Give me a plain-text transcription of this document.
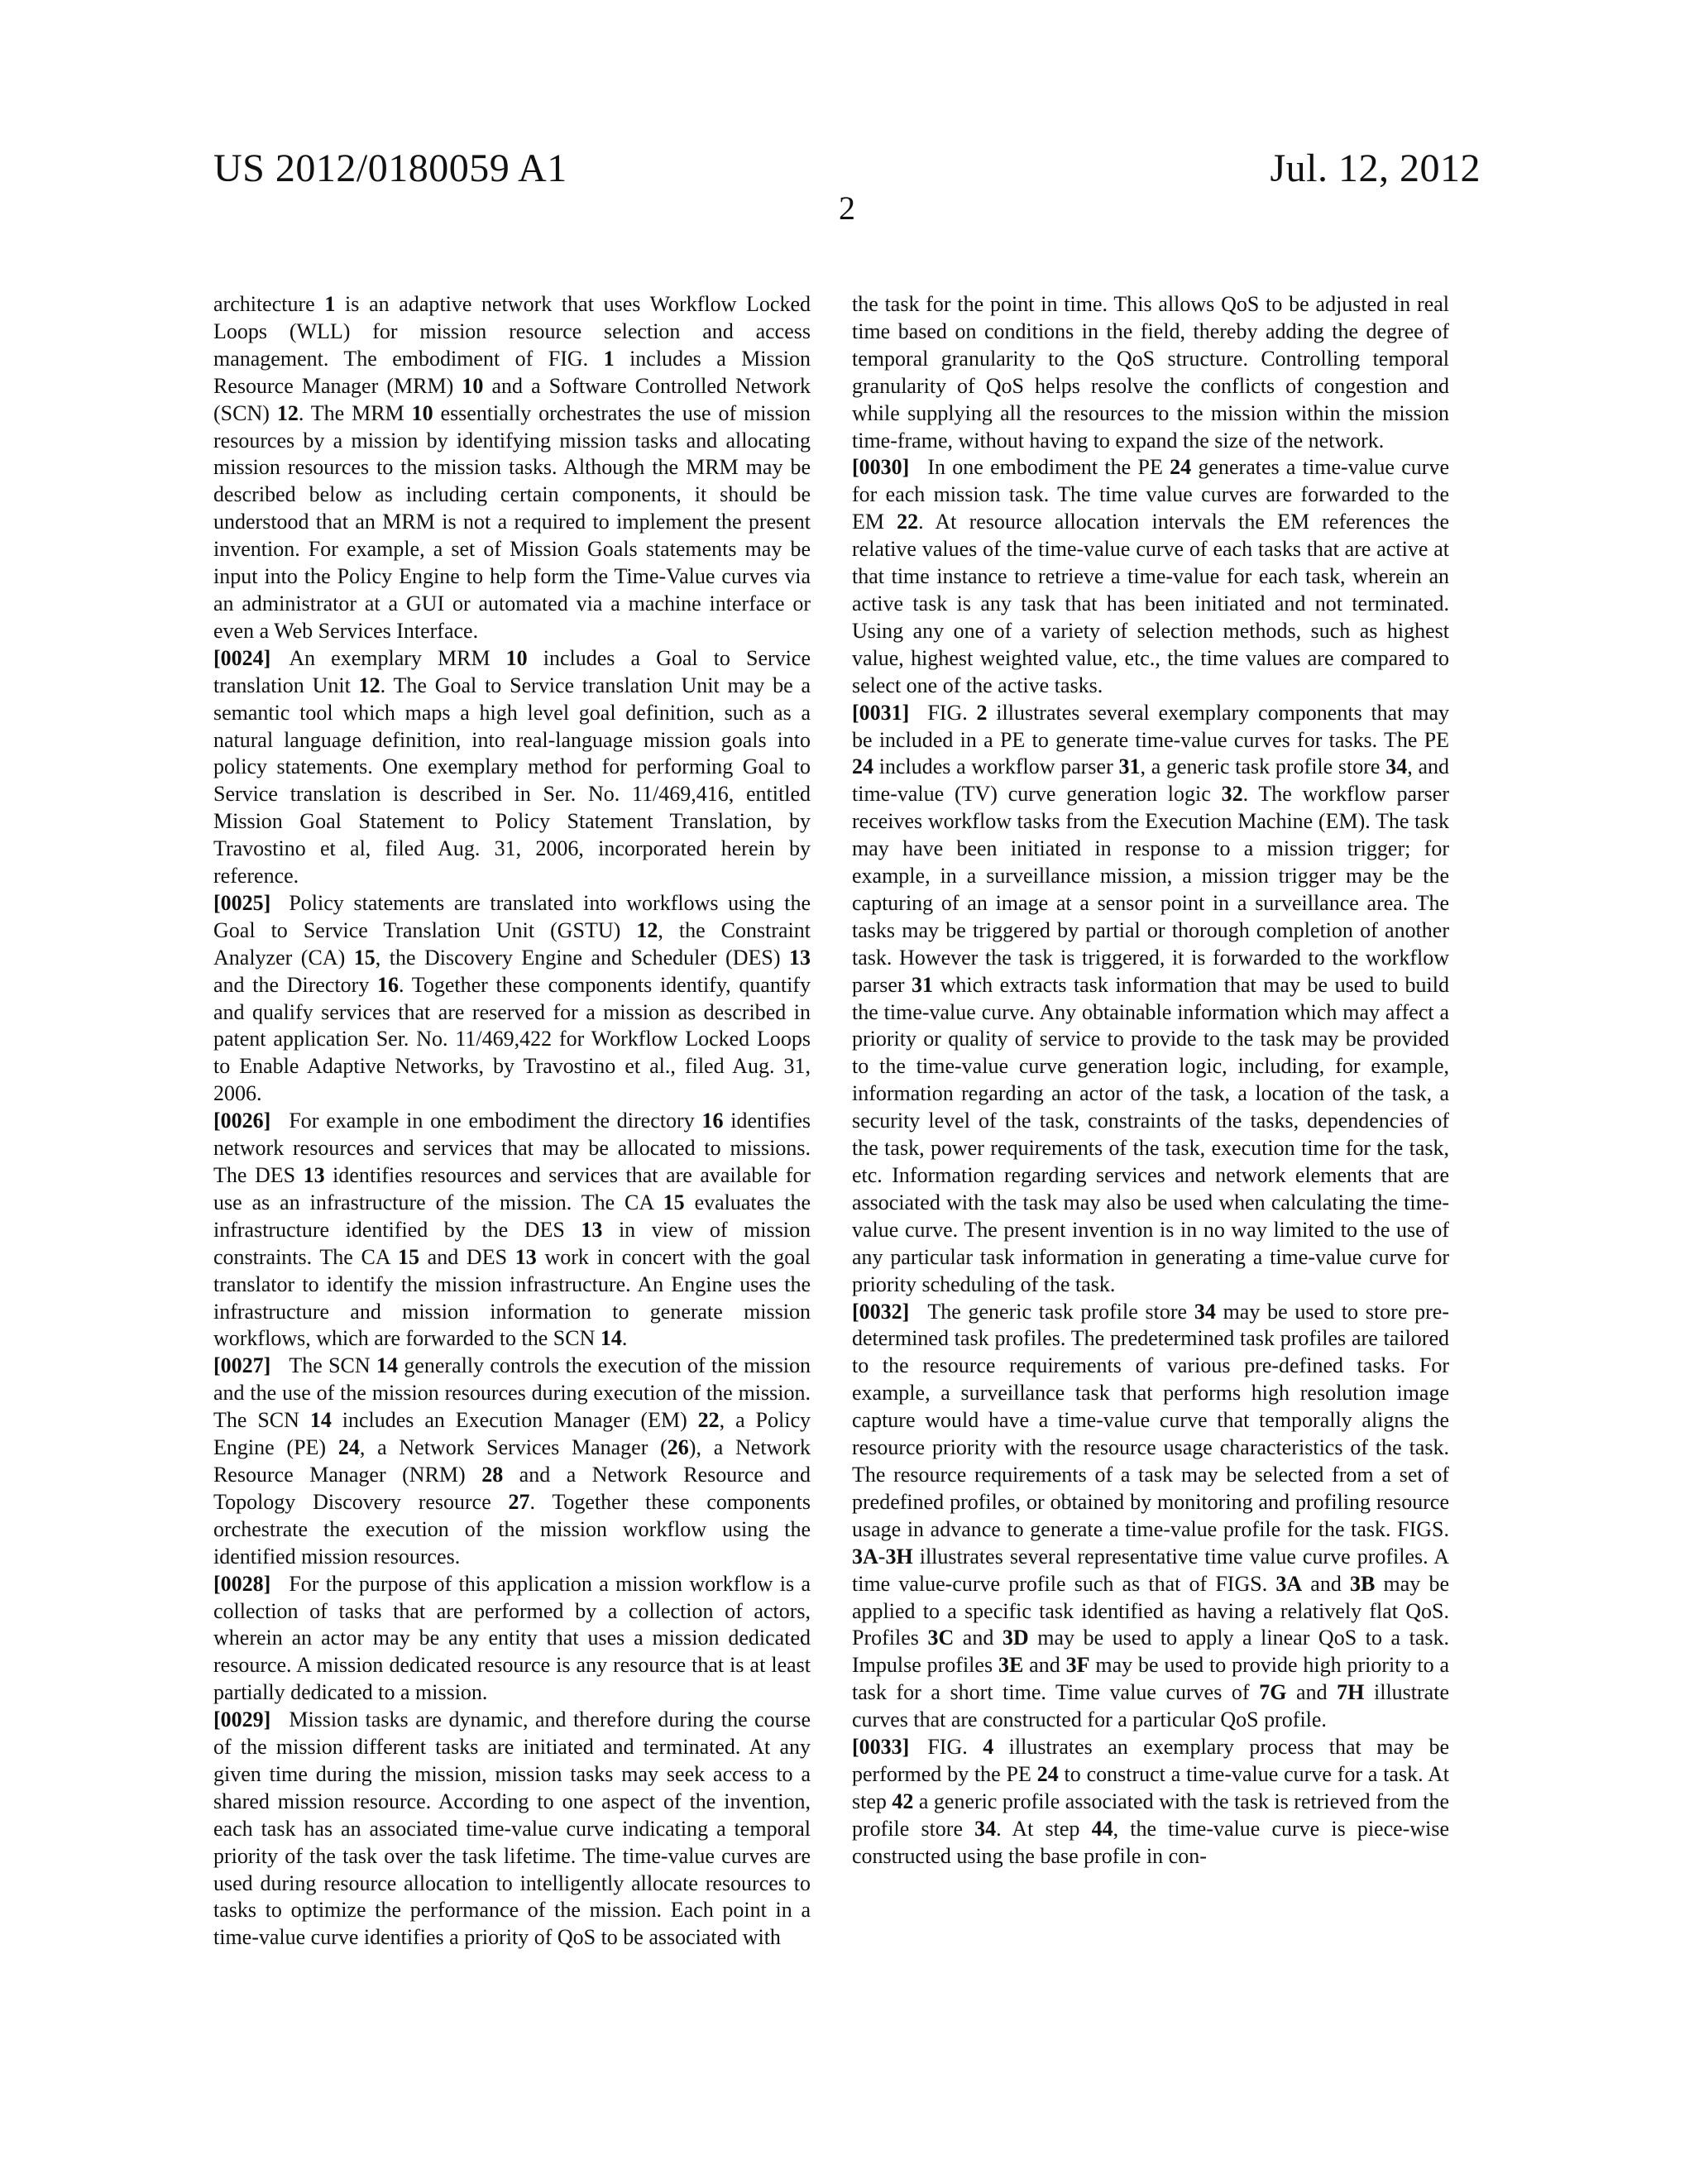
US 2012/0180059 A1
2
Jul. 12, 2012

architecture 1 is an adaptive network that uses Workflow Locked Loops (WLL) for mission resource selection and access management. The embodiment of FIG. 1 includes a Mission Resource Manager (MRM) 10 and a Software Controlled Network (SCN) 12. The MRM 10 essentially orchestrates the use of mission resources by a mission by identifying mission tasks and allocating mission resources to the mission tasks. Although the MRM may be described below as including certain components, it should be understood that an MRM is not a required to implement the present invention. For example, a set of Mission Goals statements may be input into the Policy Engine to help form the Time-Value curves via an administrator at a GUI or automated via a machine interface or even a Web Services Interface.

[0024] An exemplary MRM 10 includes a Goal to Service translation Unit 12. The Goal to Service translation Unit may be a semantic tool which maps a high level goal definition, such as a natural language definition, into real-language mission goals into policy statements. One exemplary method for performing Goal to Service translation is described in Ser. No. 11/469,416, entitled Mission Goal Statement to Policy Statement Translation, by Travostino et al, filed Aug. 31, 2006, incorporated herein by reference.

[0025] Policy statements are translated into workflows using the Goal to Service Translation Unit (GSTU) 12, the Constraint Analyzer (CA) 15, the Discovery Engine and Scheduler (DES) 13 and the Directory 16. Together these components identify, quantify and qualify services that are reserved for a mission as described in patent application Ser. No. 11/469,422 for Workflow Locked Loops to Enable Adaptive Networks, by Travostino et al., filed Aug. 31, 2006.

[0026] For example in one embodiment the directory 16 identifies network resources and services that may be allocated to missions. The DES 13 identifies resources and services that are available for use as an infrastructure of the mission. The CA 15 evaluates the infrastructure identified by the DES 13 in view of mission constraints. The CA 15 and DES 13 work in concert with the goal translator to identify the mission infrastructure. An Engine uses the infrastructure and mission information to generate mission workflows, which are forwarded to the SCN 14.

[0027] The SCN 14 generally controls the execution of the mission and the use of the mission resources during execution of the mission. The SCN 14 includes an Execution Manager (EM) 22, a Policy Engine (PE) 24, a Network Services Manager (26), a Network Resource Manager (NRM) 28 and a Network Resource and Topology Discovery resource 27. Together these components orchestrate the execution of the mission workflow using the identified mission resources.

[0028] For the purpose of this application a mission workflow is a collection of tasks that are performed by a collection of actors, wherein an actor may be any entity that uses a mission dedicated resource. A mission dedicated resource is any resource that is at least partially dedicated to a mission.

[0029] Mission tasks are dynamic, and therefore during the course of the mission different tasks are initiated and terminated. At any given time during the mission, mission tasks may seek access to a shared mission resource. According to one aspect of the invention, each task has an associated time-value curve indicating a temporal priority of the task over the task lifetime. The time-value curves are used during resource allocation to intelligently allocate resources to tasks to optimize the performance of the mission. Each point in a time-value curve identifies a priority of QoS to be associated with

the task for the point in time. This allows QoS to be adjusted in real time based on conditions in the field, thereby adding the degree of temporal granularity to the QoS structure. Controlling temporal granularity of QoS helps resolve the conflicts of congestion and while supplying all the resources to the mission within the mission time-frame, without having to expand the size of the network.

[0030] In one embodiment the PE 24 generates a time-value curve for each mission task. The time value curves are forwarded to the EM 22. At resource allocation intervals the EM references the relative values of the time-value curve of each tasks that are active at that time instance to retrieve a time-value for each task, wherein an active task is any task that has been initiated and not terminated. Using any one of a variety of selection methods, such as highest value, highest weighted value, etc., the time values are compared to select one of the active tasks.

[0031] FIG. 2 illustrates several exemplary components that may be included in a PE to generate time-value curves for tasks. The PE 24 includes a workflow parser 31, a generic task profile store 34, and time-value (TV) curve generation logic 32. The workflow parser receives workflow tasks from the Execution Machine (EM). The task may have been initiated in response to a mission trigger; for example, in a surveillance mission, a mission trigger may be the capturing of an image at a sensor point in a surveillance area. The tasks may be triggered by partial or thorough completion of another task. However the task is triggered, it is forwarded to the workflow parser 31 which extracts task information that may be used to build the time-value curve. Any obtainable information which may affect a priority or quality of service to provide to the task may be provided to the time-value curve generation logic, including, for example, information regarding an actor of the task, a location of the task, a security level of the task, constraints of the tasks, dependencies of the task, power requirements of the task, execution time for the task, etc. Information regarding services and network elements that are associated with the task may also be used when calculating the time-value curve. The present invention is in no way limited to the use of any particular task information in generating a time-value curve for priority scheduling of the task.

[0032] The generic task profile store 34 may be used to store pre-determined task profiles. The predetermined task profiles are tailored to the resource requirements of various pre-defined tasks. For example, a surveillance task that performs high resolution image capture would have a time-value curve that temporally aligns the resource priority with the resource usage characteristics of the task. The resource requirements of a task may be selected from a set of predefined profiles, or obtained by monitoring and profiling resource usage in advance to generate a time-value profile for the task. FIGS. 3A-3H illustrates several representative time value curve profiles. A time value-curve profile such as that of FIGS. 3A and 3B may be applied to a specific task identified as having a relatively flat QoS. Profiles 3C and 3D may be used to apply a linear QoS to a task. Impulse profiles 3E and 3F may be used to provide high priority to a task for a short time. Time value curves of 7G and 7H illustrate curves that are constructed for a particular QoS profile.

[0033] FIG. 4 illustrates an exemplary process that may be performed by the PE 24 to construct a time-value curve for a task. At step 42 a generic profile associated with the task is retrieved from the profile store 34. At step 44, the time-value curve is piece-wise constructed using the base profile in con-
